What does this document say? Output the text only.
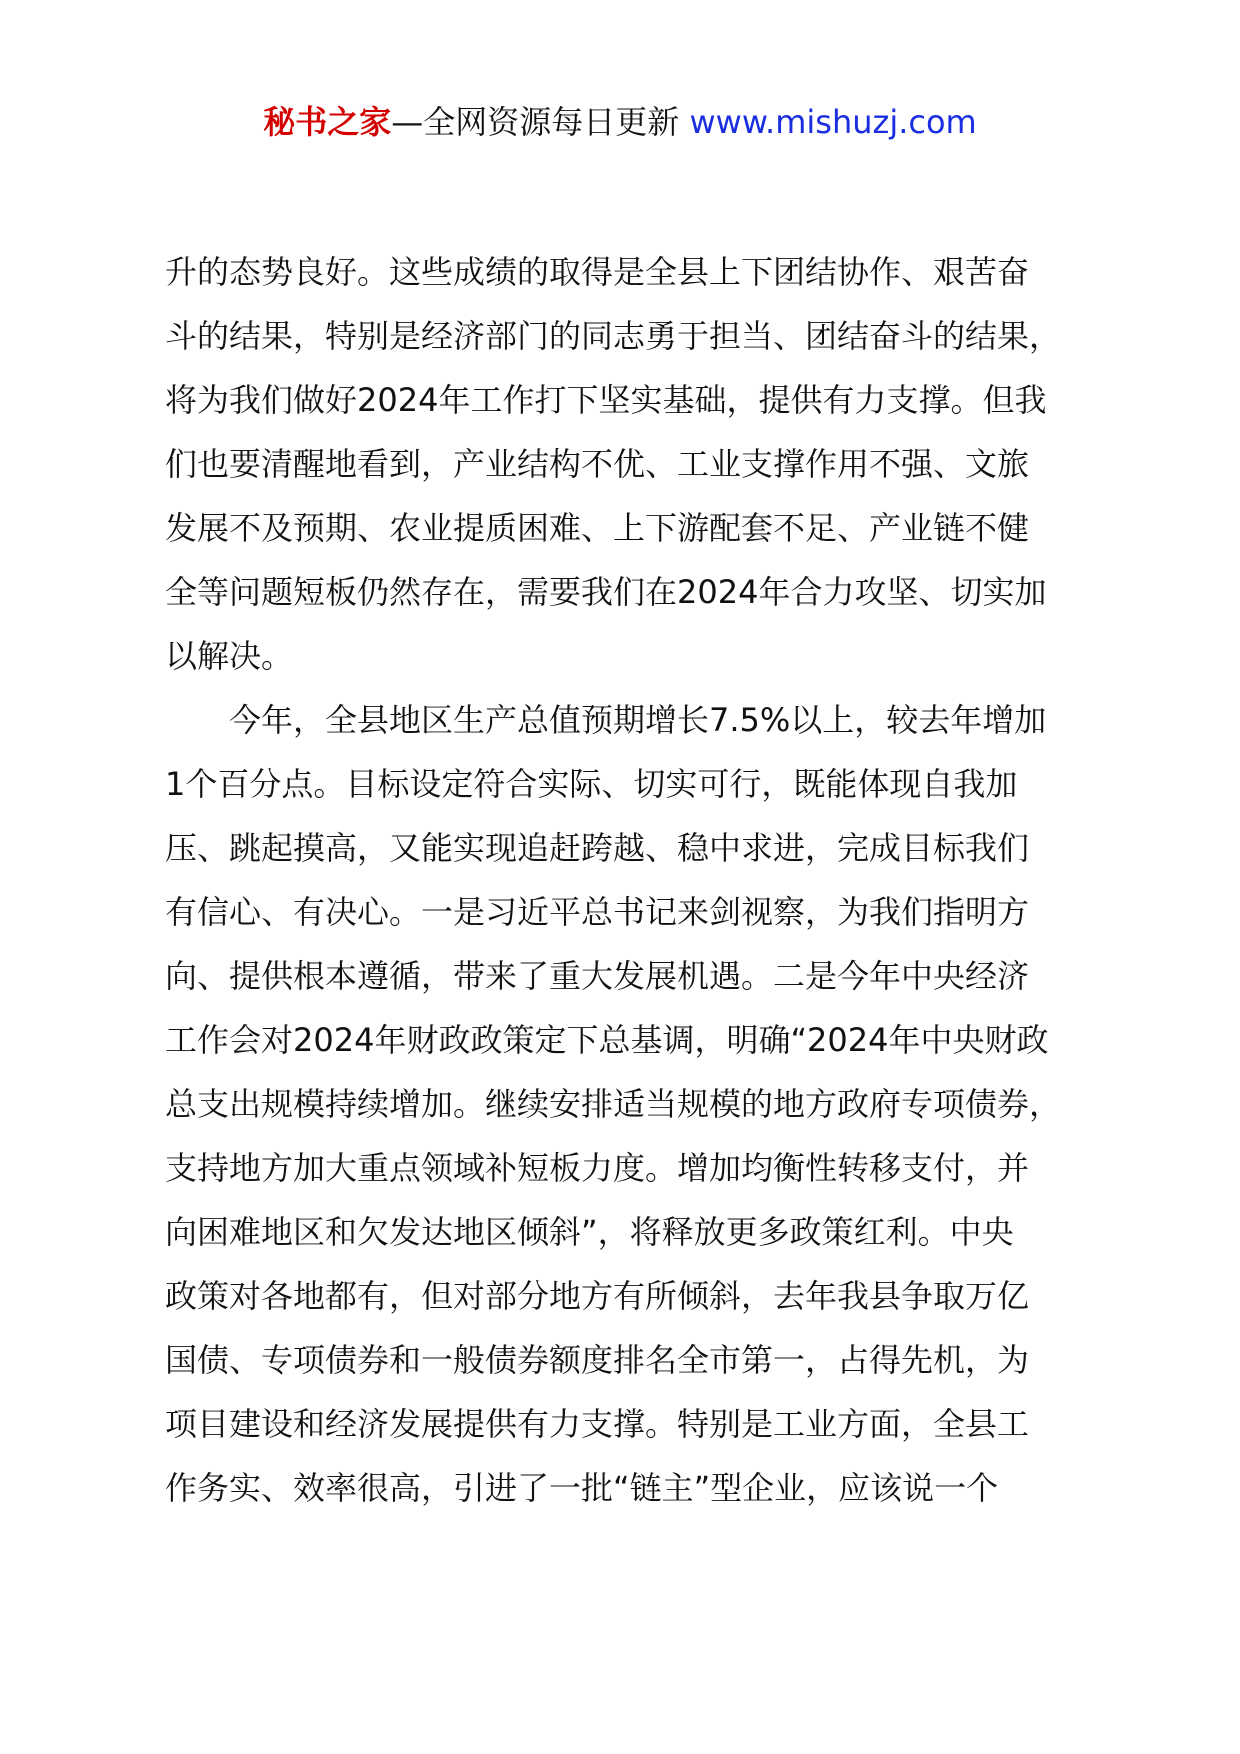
秘书之家—全网资源每日更新 www.mishuzj.com
升的态势良好。这些成绩的取得是全县上下团结协作、艰苦奋
斗的结果，特别是经济部门的同志勇于担当、团结奋斗的结果，
将为我们做好2024年工作打下坚实基础，提供有力支撑。但我
们也要清醒地看到，产业结构不优、工业支撑作用不强、文旅
发展不及预期、农业提质困难、上下游配套不足、产业链不健
全等问题短板仍然存在，需要我们在2024年合力攻坚、切实加
以解决。
今年，全县地区生产总值预期增长7.5%以上，较去年增加
1个百分点。目标设定符合实际、切实可行，既能体现自我加
压、跳起摸高，又能实现追赶跨越、稳中求进，完成目标我们
有信心、有决心。一是习近平总书记来剑视察，为我们指明方
向、提供根本遵循，带来了重大发展机遇。二是今年中央经济
工作会对2024年财政政策定下总基调，明确“2024年中央财政
总支出规模持续增加。继续安排适当规模的地方政府专项债券，
支持地方加大重点领域补短板力度。增加均衡性转移支付，并
向困难地区和欠发达地区倾斜”，将释放更多政策红利。中央
政策对各地都有，但对部分地方有所倾斜，去年我县争取万亿
国债、专项债券和一般债券额度排名全市第一，占得先机，为
项目建设和经济发展提供有力支撑。特别是工业方面，全县工
作务实、效率很高，引进了一批“链主”型企业，应该说一个
